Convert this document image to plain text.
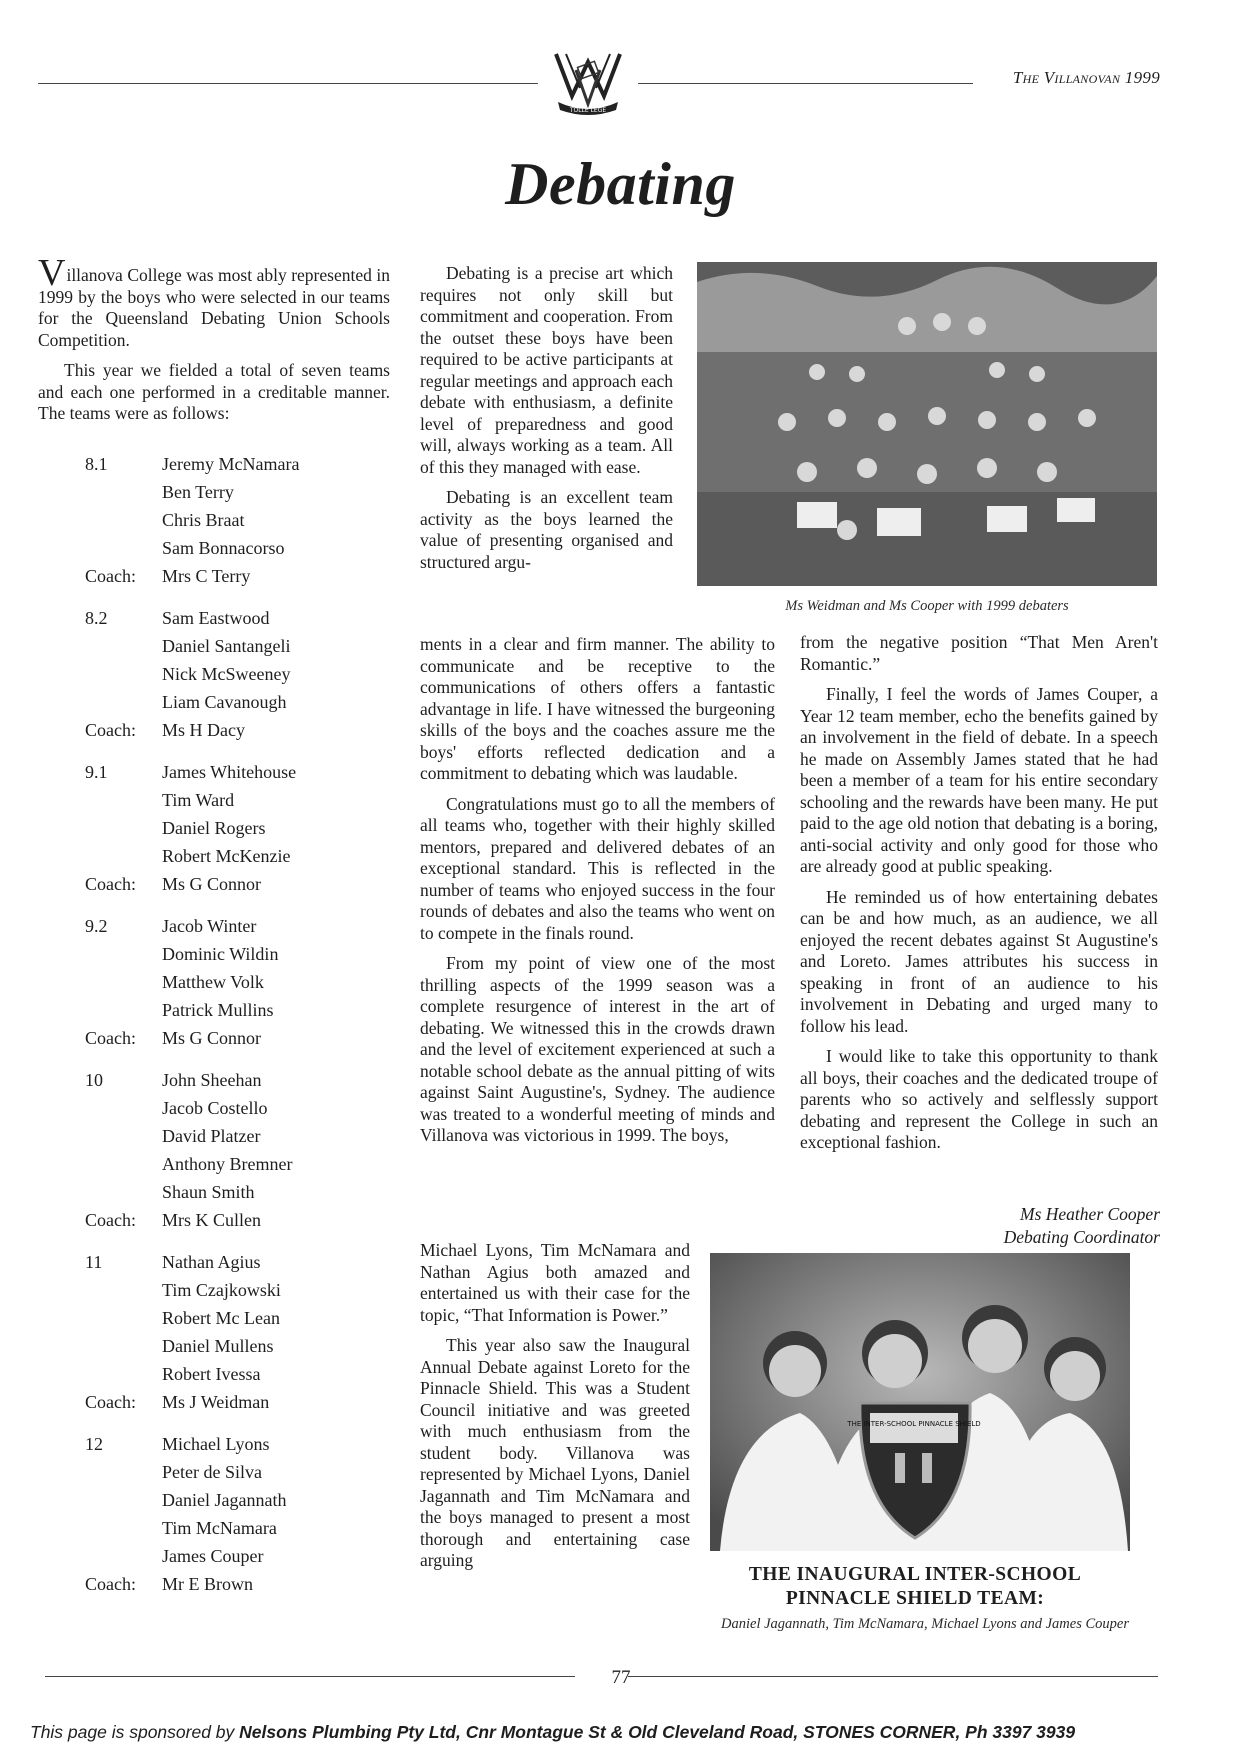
TOLLE LEGE
The Villanovan 1999
Debating

Villanova College was most ably represented in 1999 by the boys who were selected in our teams for the Queensland Debating Union Schools Competition.

This year we fielded a total of seven teams and each one performed in a creditable manner. The teams were as follows:

8.1	Jeremy McNamara
Ben Terry
Chris Braat
Sam Bonnacorso
Coach: Mrs C Terry
8.2	Sam Eastwood
Daniel Santangeli
Nick McSweeney
Liam Cavanough
Coach: Ms H Dacy
9.1	James Whitehouse
Tim Ward
Daniel Rogers
Robert McKenzie
Coach: Ms G Connor
9.2	Jacob Winter
Dominic Wildin
Matthew Volk
Patrick Mullins
Coach: Ms G Connor
10	John Sheehan
Jacob Costello
David Platzer
Anthony Bremner
Shaun Smith
Coach: Mrs K Cullen
11	Nathan Agius
Tim Czajkowski
Robert Mc Lean
Daniel Mullens
Robert Ivessa
Coach: Ms J Weidman
12	Michael Lyons
Peter de Silva
Daniel Jagannath
Tim McNamara
James Couper
Coach: Mr E Brown

Debating is a precise art which requires not only skill but commitment and cooperation. From the outset these boys have been required to be active participants at regular meetings and approach each debate with enthusiasm, a definite level of preparedness and good will, always working as a team. All of this they managed with ease.

Debating is an excellent team activity as the boys learned the value of presenting organised and structured argu-

ments in a clear and firm manner. The ability to communicate and be receptive to the communications of others offers a fantastic advantage in life. I have witnessed the burgeoning skills of the boys and the coaches assure me the boys' efforts reflected dedication and a commitment to debating which was laudable.

Congratulations must go to all the members of all teams who, together with their highly skilled mentors, prepared and delivered debates of an exceptional standard. This is reflected in the number of teams who enjoyed success in the four rounds of debates and also the teams who went on to compete in the finals round.

From my point of view one of the most thrilling aspects of the 1999 season was a complete resurgence of interest in the art of debating. We witnessed this in the crowds drawn and the level of excitement experienced at such a notable school debate as the annual pitting of wits against Saint Augustine's, Sydney. The audience was treated to a wonderful meeting of minds and Villanova was victorious in 1999. The boys,

Michael Lyons, Tim McNamara and Nathan Agius both amazed and entertained us with their case for the topic, “That Information is Power.”

This year also saw the Inaugural Annual Debate against Loreto for the Pinnacle Shield. This was a Student Council initiative and was greeted with much enthusiasm from the student body. Villanova was represented by Michael Lyons, Daniel Jagannath and Tim McNamara and the boys managed to present a most thorough and entertaining case arguing

Ms Weidman and Ms Cooper with 1999 debaters

from the negative position “That Men Aren't Romantic.”

Finally, I feel the words of James Couper, a Year 12 team member, echo the benefits gained by an involvement in the field of debate. In a speech he made on Assembly James stated that he had been a member of a team for his entire secondary schooling and the rewards have been many. He put paid to the age old notion that debating is a boring, anti-social activity and only good for those who are already good at public speaking.

He reminded us of how entertaining debates can be and how much, as an audience, we all enjoyed the recent debates against St Augustine's and Loreto. James attributes his success in speaking in front of an audience to his involvement in Debating and urged many to follow his lead.

I would like to take this opportunity to thank all boys, their coaches and the dedicated troupe of parents who so actively and selflessly support debating and represent the College in such an exceptional fashion.

Ms Heather Cooper
Debating Coordinator
THE INTER-SCHOOL PINNACLE SHIELD
THE INAUGURAL INTER-SCHOOL
PINNACLE SHIELD TEAM:
Daniel Jagannath, Tim McNamara, Michael Lyons and James Couper
77
This page is sponsored by Nelsons Plumbing Pty Ltd, Cnr Montague St & Old Cleveland Road, STONES CORNER, Ph 3397 3939
